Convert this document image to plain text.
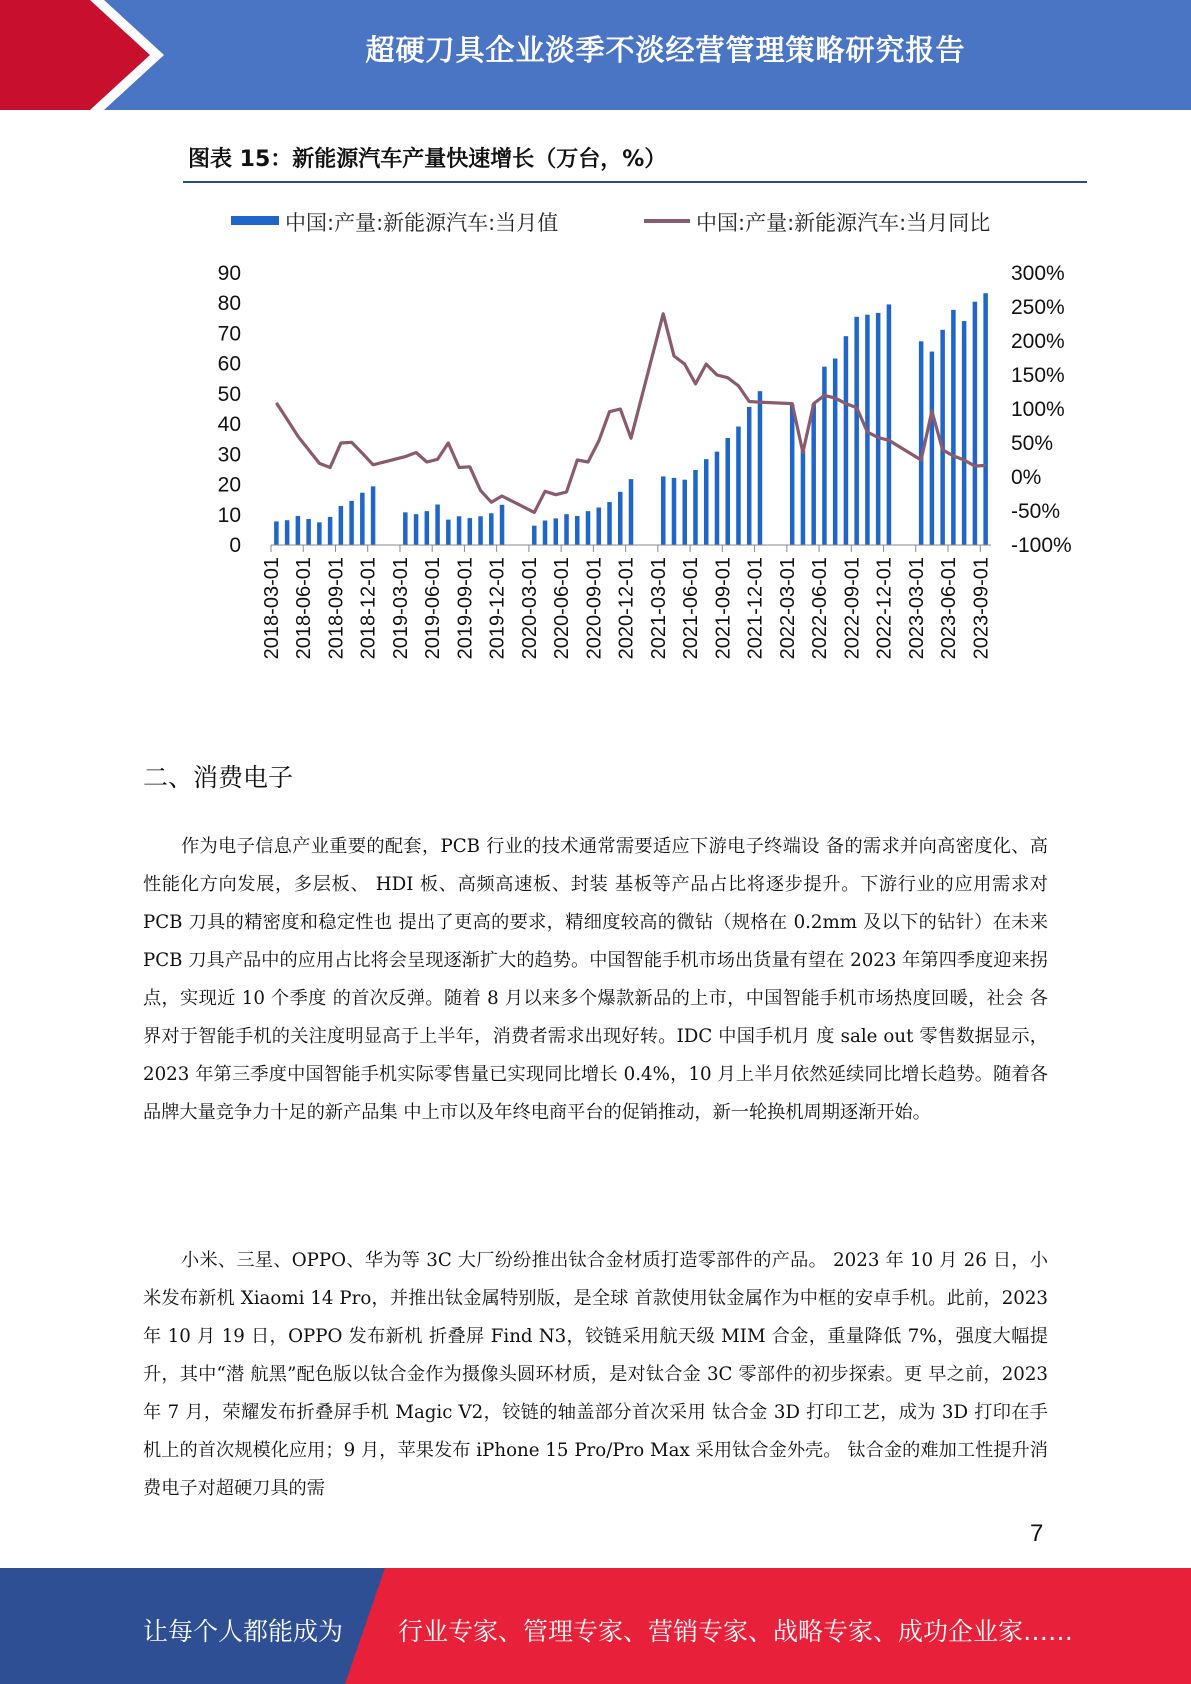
超硬刀具企业淡季不淡经营管理策略研究报告
图表 15：新能源汽车产量快速增长（万台，%）
中国:产量:新能源汽车:当月值	中国:产量:新能源汽车:当月同比
90
80
70
60
50
40
30
20
10
0
300%
250%
200%
150%
100%
50%
0%
-50%
-100%
2018-03-01 2018-06-01 2018-09-01 2018-12-01 2019-03-01 2019-06-01 2019-09-01 2019-12-01 2020-03-01 2020-06-01 2020-09-01 2020-12-01 2021-03-01 2021-06-01 2021-09-01 2021-12-01 2022-03-01 2022-06-01 2022-09-01 2022-12-01 2023-03-01 2023-06-01 2023-09-01
二、消费电子
作为电子信息产业重要的配套，PCB 行业的技术通常需要适应下游电子终端设 备的需求并向高密度化、高性能化方向发展，多层板、 HDI 板、高频高速板、封装 基板等产品占比将逐步提升。下游行业的应用需求对 PCB 刀具的精密度和稳定性也 提出了更高的要求，精细度较高的微钻（规格在 0.2mm 及以下的钻针）在未来 PCB 刀具产品中的应用占比将会呈现逐渐扩大的趋势。中国智能手机市场出货量有望在 2023 年第四季度迎来拐点，实现近 10 个季度 的首次反弹。随着 8 月以来多个爆款新品的上市，中国智能手机市场热度回暖，社会 各界对于智能手机的关注度明显高于上半年，消费者需求出现好转。IDC 中国手机月 度 sale out 零售数据显示，2023 年第三季度中国智能手机实际零售量已实现同比增长 0.4%，10 月上半月依然延续同比增长趋势。随着各品牌大量竞争力十足的新产品集 中上市以及年终电商平台的促销推动，新一轮换机周期逐渐开始。
小米、三星、OPPO、华为等 3C 大厂纷纷推出钛合金材质打造零部件的产品。 2023 年 10 月 26 日，小米发布新机 Xiaomi 14 Pro，并推出钛金属特别版，是全球 首款使用钛金属作为中框的安卓手机。此前，2023 年 10 月 19 日，OPPO 发布新机 折叠屏 Find N3，铰链采用航天级 MIM 合金，重量降低 7%，强度大幅提升，其中“潜 航黑”配色版以钛合金作为摄像头圆环材质，是对钛合金 3C 零部件的初步探索。更 早之前，2023 年 7 月，荣耀发布折叠屏手机 Magic V2，铰链的轴盖部分首次采用 钛合金 3D 打印工艺，成为 3D 打印在手机上的首次规模化应用；9 月，苹果发布 iPhone 15 Pro/Pro Max 采用钛合金外壳。 钛合金的难加工性提升消费电子对超硬刀具的需
7
让每个人都能成为 行业专家、管理专家、营销专家、战略专家、成功企业家……
